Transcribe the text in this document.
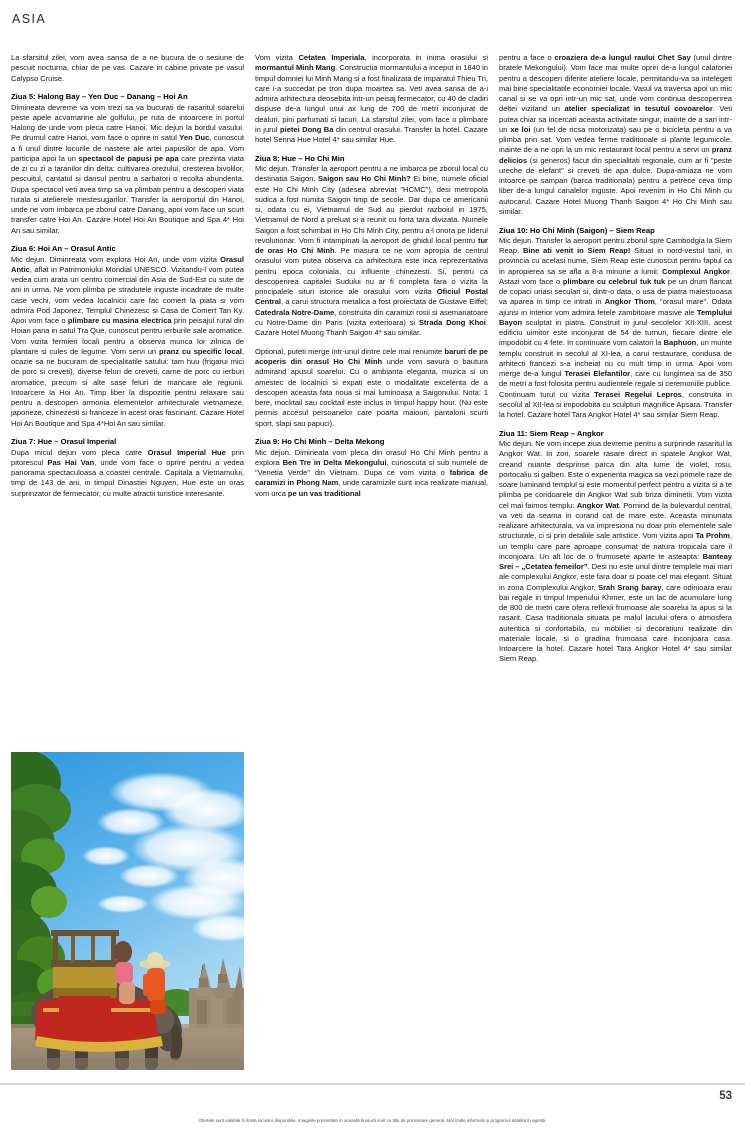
ASIA

La sfarsitul zilei, vom avea sansa de a ne bucura de o sesiune de pescuit nocturna, chiar de pe vas. Cazare in cabine private pe vasul Calypso Cruise.

Ziua 5: Halong Bay – Yen Duc – Danang – Hoi An

Dimineata devreme va vom trezi sa va bucurati de rasaritul soarelui peste apele acvamarine ale golfului, pe ruta de intoarcere in portul Halong de unde vom pleca catre Hanoi. Mic dejun la bordul vasului. Pe drumul catre Hanoi, vom face o oprire in satul Yen Duc, cunoscut a fi unul dintre locurile de nastere ale artei papusilor de apa. Vom participa apoi la un spectacol de papusi pe apa care prezinta viata de zi cu zi a taranilor din delta: cultivarea orezului, cresterea bivolilor, pescuitul, cantatul si dansul pentru a sarbatori o recolta abundenta. Dupa spectacol veti avea timp sa va plimbati pentru a descoperi viata rurala si atelierele mestesugarilor. Transfer la aeroportul din Hanoi, unde ne vom imbarca pe zborul catre Danang, apoi vom face un scurt transfer catre Hoi An. Cazare Hotel Hoi An Boutique and Spa 4* Hoi An sau similar.

Ziua 6: Hoi An – Orasul Antic

Mic dejun. Diminreata vom explora Hoi An, unde vom vizita Orasul Antic, aflat in Patrimoniului Mondial UNESCO. Vizitandu-l vom putea vedea cum arata un centru comercial din Asia de Sud-Est cu sute de ani in urma. Ne vom plimba pe stradutele inguste incadrate de multe case vechi, vom vedea localnicii care fac comert la piata si vom admira Pod Japonez, Templul Chinezesc si Casa de Comert Tan Ky. Apoi vom face o plimbare cu masina electrica prin peisajul rural din Hoian pana in satul Tra Que, cunoscut pentru ierburile sale aromatice. Vom vizita fermieri locali pentru a observa munca lor zilnica de plantare si cules de legume. Vom servi un pranz cu specific local, ocazie sa ne bucuram de specialitatile satului: tam huu (frigarui mici de porc si creveti), diverse feluri de creveti, carne de porc cu ierburi aromatice, precum si alte sase feluri de mancare ale regiunii. Intoarcere la Hoi An. Timp liber la dispozitie pentru relaxare sau pentru a descoperi armonia elementelor arhitecturale vietnameze, japoneze, chinezesti si franceze in acest oras fascinant. Cazare Hotel Hoi An Boutique and Spa 4*Hoi An sau similar.

Ziua 7: Hue – Orasul Imperial

Dupa micul dejun vom pleca catre Orasul Imperial Hue prin pitorescul Pas Hai Van, unde vom face o oprire pentru a vedea panorama spectaculoasa a coastei centrale. Capitala a Vietnamului, timp de 143 de ani, in timpul Dinastiei Nguyen, Hue este un oras surprinzator de fermecator, cu multe atractii turistice interesante.

Vom vizita Cetatea Imperiala, incorporata in inima orasului si mormantul Minh Mang. Constructia mormantului a inceput in 1840 in timpul domniei lui Minh Mang si a fost finalizata de imparatul Thieu Tri, care i-a succedat pe tron dupa moartea sa. Veti avea sansa de a-i admira arhitectura deosebita intr-un peisaj fermecator, cu 40 de cladiri dispuse de-a lungul unui ax lung de 700 de metri inconjurat de dealuri, pini parfumati si lacuri. La sfarsitul zilei, vom face o plimbare in jurul pietei Dong Ba din centrul orasului. Transfer la hotel. Cazare hotel Senna Hue Hotel 4* sau similar Hue.

Ziua 8: Hue – Ho Chi Min

Mic dejun. Transfer la aeroport pentru a ne imbarca pe zborul local cu destinatia Saigon. Saigon sau Ho Chi Minh? Ei bine, numele oficial este Ho Chi Minh City (adesea abreviat "HCMC"), desi metropola sudica a fost numita Saigon timp de secole. Dar dupa ce americanii si, odata cu ei, Vietnamul de Sud au pierdut razboiul in 1975, Vietnamul de Nord a preluat si a reunit cu forta tara divizata. Numele Saigon a fost schimbat in Ho Chi Minh City, pentru a-l onora pe liderul revolutionar. Vom fi intampinati la aeroport de ghidul local pentru tur de oras Ho Chi Minh. Pe masura ce ne vom apropia de centrul orasului vom putea observa ca arhitectura este inca reprezentativa pentru epoca coloniala, cu influente chinezesti. Si, pentru ca descoperirea capitalei Sudului nu ar fi completa fara o vizita la principalele situri istorice ale orasului vom vizita Oficiul Postal Central, a carui structura metalica a fost proiectata de Gustave Eiffel; Catedrala Notre-Dame, construita din caramizi rosii si asemanatoare cu Notre-Dame din Paris (vizita exterioara) si Strada Dong Khoi. Cazare Hotel Muong Thanh Saigon 4* sau similar.

Optional, puteti merge intr-unul dintre cele mai renumite baruri de pe acoperis din orasul Ho Chi Minh unde vom savura o bautura admirand apusul soarelui. Cu o ambianta eleganta, muzica si un amestec de localnici si expati este o modalitate excelenta de a descoperi aceasta fata noua si mai luminoasa a Saigonului. Nota: 1 bere, mocktail sau cocktail este inclus in timpul happy hour. (Nu este permis accesul persoanelor care poarta maiouri, pantaloni scurti sport, slapi sau papuci).

Ziua 9: Ho Chi Minh – Delta Mekong

Mic dejun. Dimineata vom pleca din orasul Ho Chi Minh pentru a explora Ben Tre in Delta Mekongului, cunoscuta si sub numele de "Venetia Verde" din Vietnam. Dupa ce vom vizita o fabrica de caramizi in Phong Nam, unde caramizile sunt inca realizate manual, vom urca pe un vas traditional

pentru a face o croaziera de-a lungul raului Chet Say (unul dintre bratele Mekongului). Vom face mai multe opriri de-a lungul calatoriei pentru a descoperi diferite ateliere locale, permitandu-va sa intelegeti mai bine specialitatile economiei locale. Vasul va traversa apoi un mic canal si se va opri intr-un mic sat, unde vom continua descoperirea deltei vizitand un atelier specializat in tesutul covoarelor. Veti putea chiar sa incercati aceasta activitate singur, inainte de a sari intr-un xe loi (un fel de ricsa motorizata) sau pe o bicicleta pentru a va plimba prin sat. Vom vedea ferme traditionale si plante legumicole, inainte de a ne opri la un mic restaurant local pentru a servi un pranz delicios (si generos) facut din specialitati regionale, cum ar fi "peste ureche de elefant" si creveti de apa dulce. Dupa-amiaza ne vom intoarce pe sampan (barca traditionala) pentru a petrece ceva timp liber de-a lungul canalelor inguste. Apoi revenim in Ho Chi Minh cu autocarul. Cazare Hotel Muong Thanh Saigon 4* Ho Chi Minh sau similar.

Ziua 10: Ho Chi Minh (Saigon) – Siem Reap

Mic dejun. Transfer la aeroport pentru zborul spre Cambodgia la Siem Reap. Bine ati venit in Siem Reap! Situat in nord-vestul tarii, in provincia cu acelasi nume, Siem Reap este cunoscut pentru faptul ca in apropierea sa se afla a 8-a minune a lumii: Complexul Angkor. Astazi vom face o plimbare cu celebrul tuk tuk pe un drum flancat de copaci uriasi seculari si, dintr-o data, o usa de piatra maiestuoasa va aparea in timp ce intrati in Angkor Thom, "orasul mare". Odata ajunsi in interior vom admira fetele zambitoare masive ale Templului Bayon sculptat in piatra. Construit in jurul secolelor XII-XIII, acest edificiu uimitor este inconjurat de 54 de turnuri, fiecare dintre ele impodobit cu 4 fete. In continuare vom calatori la Baphuon, un munte templu construit in secolul al XI-lea, a carui restaurare, condusa de arhitecti francezi s-a incheiat nu cu mult timp in urma. Apoi vom merge de-a lungul Terasei Elefantilor, care cu lungimea sa de 350 de metri a fost folosita pentru audientele regale si ceremoniile publice. Continuam turul cu vizita Terasei Regelui Lepros, construita in secolul al XII-lea si impodobita cu sculpturi magnifice Apsara. Transfer la hotel. Cazare hotel Tara Angkor Hotel 4* sau similar Siem Reap.

Ziua 11: Siem Reap – Angkor

Mic dejun. Ne vom incepe ziua devreme pentru a surprinde rasaritul la Angkor Wat. In zori, soarele rasare direct in spatele Angkor Wat, creand nuante desprinse parca din alta lume de violet, rosu, portocaliu si galben. Este o experienta magica sa vezi primele raze de soare luminand templul si este momentul perfect pentru a vizita si a te plimba pe coridoarele din Angkor Wat sub briza diminetii. Vom vizita cel mai faimos templu: Angkor Wat. Pornind de la bulevardul central, va veti da seama in curand cat de mare este. Aceasta minunata realizare arhitecturala, va va impresiona nu doar prin elementele sale structurale, ci si prin detaliile sale artistice. Vom vizita apoi Ta Prohm, un templu care pare aproape consumat de natura tropicala care il inconjoara. Un alt loc de o frumusete aparte te asteapta: Banteay Srei – „Cetatea femeilor”. Desi nu este unul dintre templele mai mari ale complexului Angkor, este fara doar si poate cel mai elegant. Situat in zona Complexului Angkor, Srah Srang baray, care odinioara erau bai regale in timpul Imperiului Khmer, este un lac de acumulare lung de 800 de metri care ofera reflexii frumoase ale soarelui la apus si la rasarit. Casa traditionala situata pe malul lacului ofera o atmosfera autentica si confortabila, cu mobilier si decoratiuni realizate din materiale locale, si o gradina frumoasa care inconjoara casa. Intoarcere la hotel. Cazare hotel Tara Angkor Hotel 4* sau similar Siem Reap.

53
Ofertele sunt valabile în limita locurilor disponibile. Imaginile prezentate în această broșură sunt cu titlu de prezentare general. Mai multe informatii și programul detaliat în agenții.
